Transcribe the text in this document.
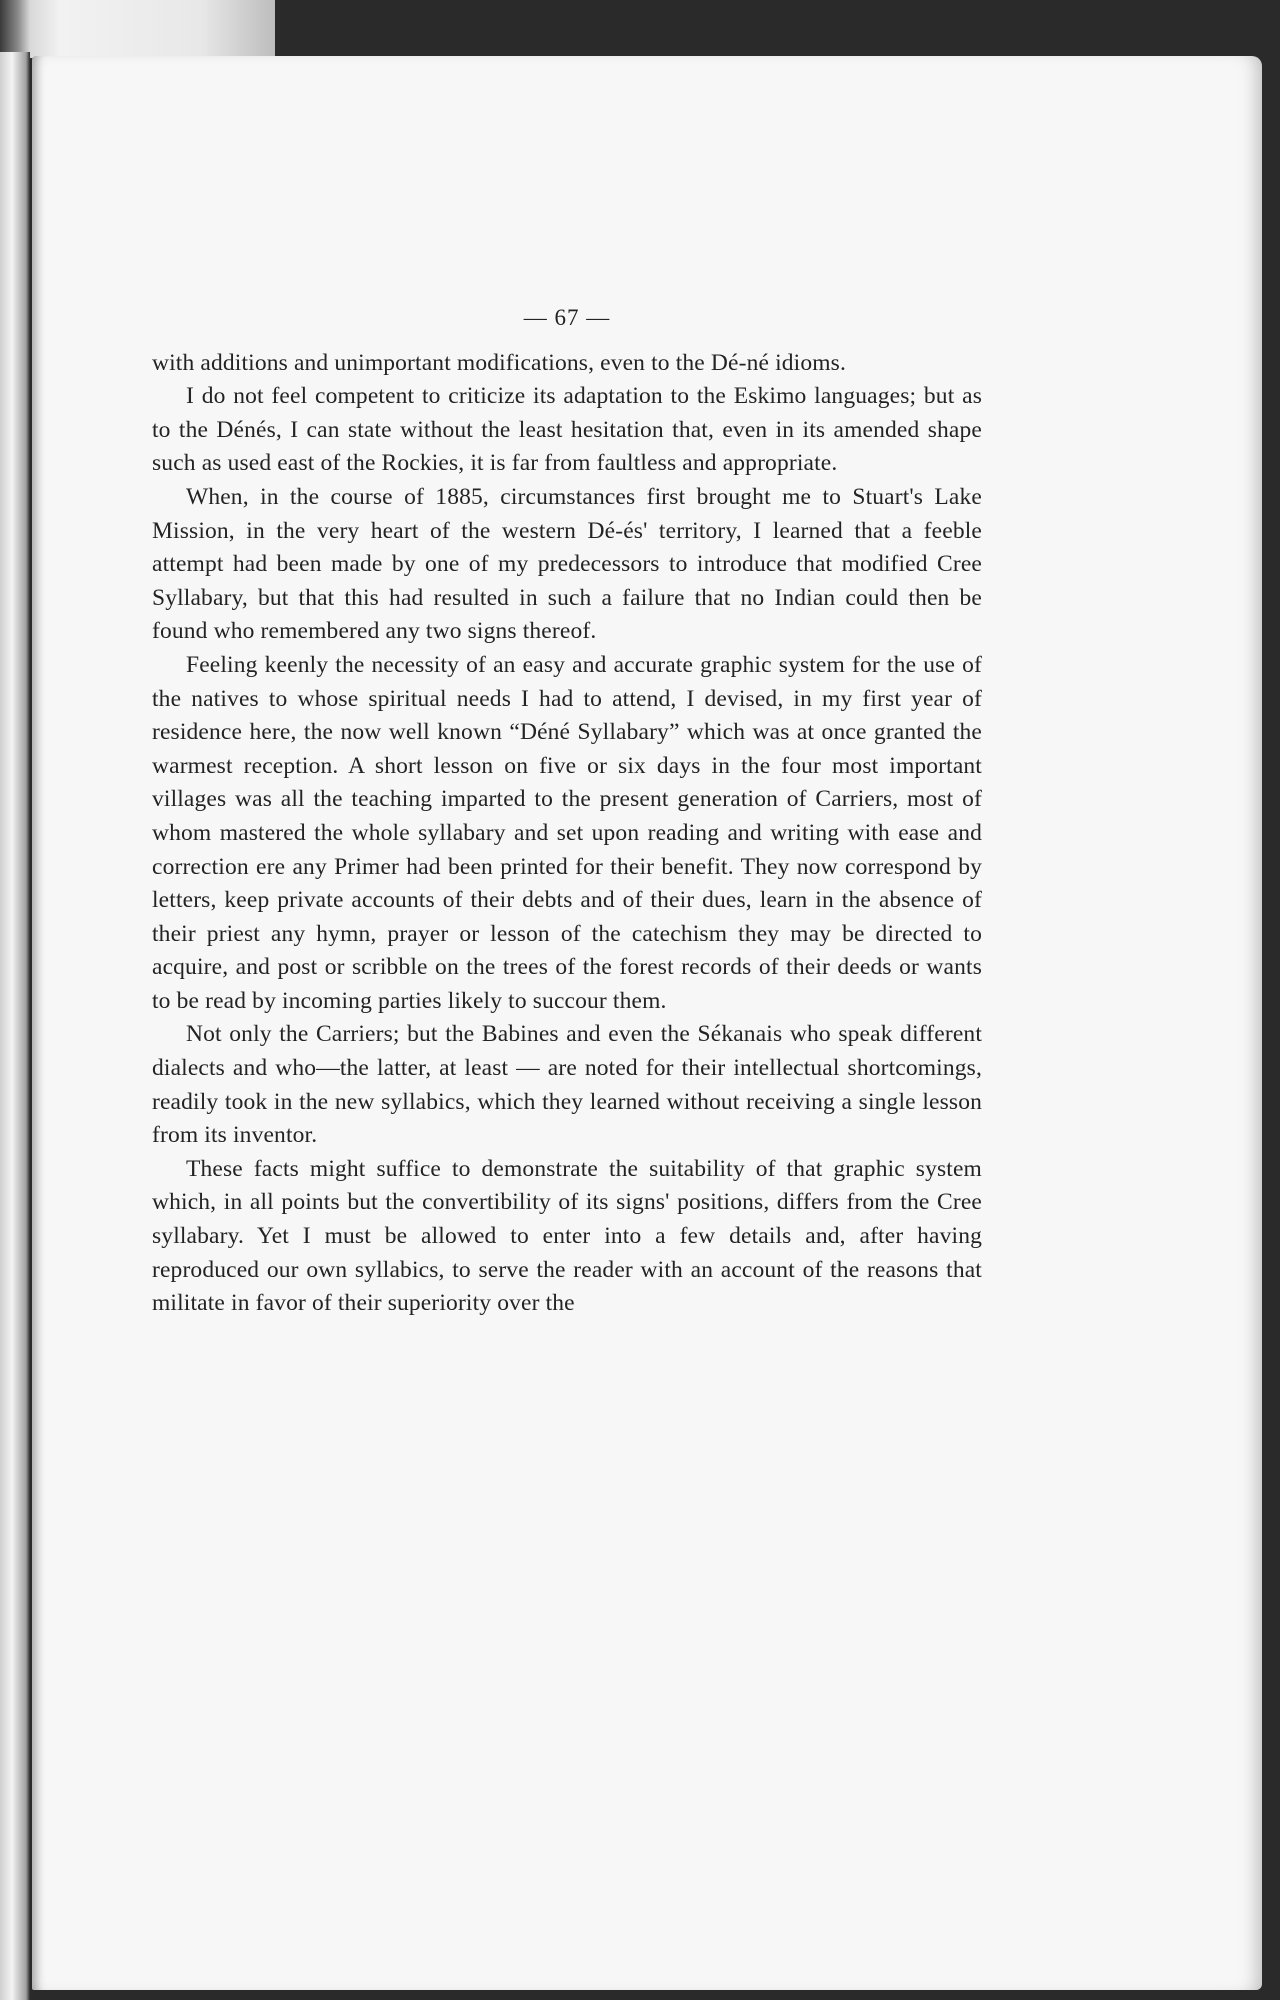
— 67 —

with additions and unimportant modifications, even to the Dé-né idioms.

I do not feel competent to criticize its adaptation to the Eskimo languages; but as to the Dénés, I can state without the least hesitation that, even in its amended shape such as used east of the Rockies, it is far from faultless and appropriate.

When, in the course of 1885, circumstances first brought me to Stuart's Lake Mission, in the very heart of the western Dé-és' territory, I learned that a feeble attempt had been made by one of my predecessors to introduce that modified Cree Syllabary, but that this had resulted in such a failure that no Indian could then be found who remembered any two signs thereof.

Feeling keenly the necessity of an easy and accurate graphic system for the use of the natives to whose spiritual needs I had to attend, I devised, in my first year of residence here, the now well known “Déné Syllabary” which was at once granted the warmest reception. A short lesson on five or six days in the four most important villages was all the teaching imparted to the present generation of Carriers, most of whom mastered the whole syllabary and set upon reading and writing with ease and correction ere any Primer had been printed for their benefit. They now correspond by letters, keep private accounts of their debts and of their dues, learn in the absence of their priest any hymn, prayer or lesson of the catechism they may be directed to acquire, and post or scribble on the trees of the forest records of their deeds or wants to be read by incoming parties likely to succour them.

Not only the Carriers; but the Babines and even the Sékanais who speak different dialects and who—the latter, at least — are noted for their intellectual shortcomings, readily took in the new syllabics, which they learned without receiving a single lesson from its inventor.

These facts might suffice to demonstrate the suitability of that graphic system which, in all points but the convertibility of its signs' positions, differs from the Cree syllabary. Yet I must be allowed to enter into a few details and, after having reproduced our own syllabics, to serve the reader with an account of the reasons that militate in favor of their superiority over the
